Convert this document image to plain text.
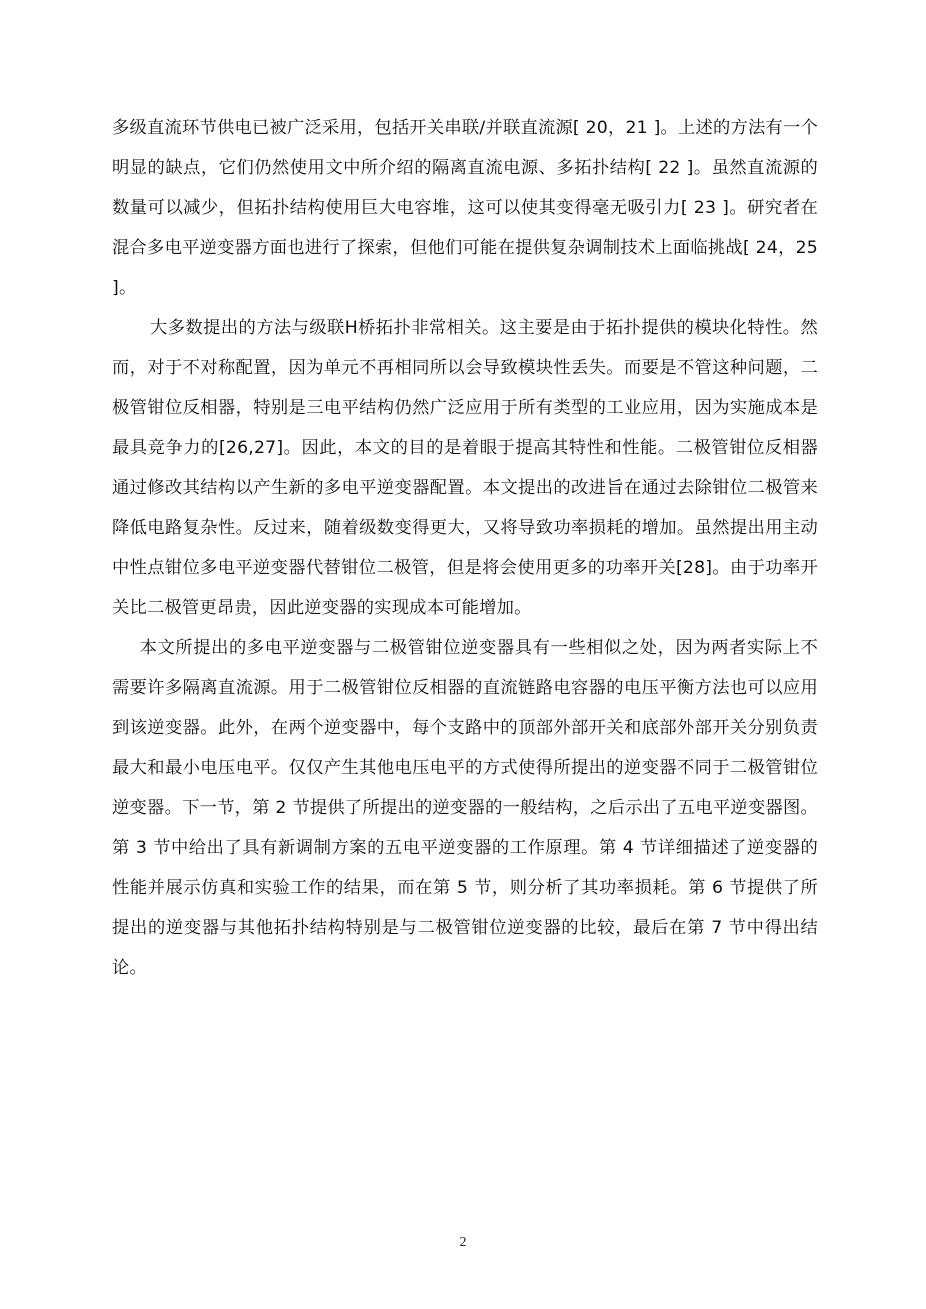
多级直流环节供电已被广泛采用，包括开关串联/并联直流源[ 20，21 ]。上述的方法有一个明显的缺点，它们仍然使用文中所介绍的隔离直流电源、多拓扑结构[ 22 ]。虽然直流源的数量可以减少，但拓扑结构使用巨大电容堆，这可以使其变得毫无吸引力[ 23 ]。研究者在混合多电平逆变器方面也进行了探索，但他们可能在提供复杂调制技术上面临挑战[ 24，25 ]。

大多数提出的方法与级联H桥拓扑非常相关。这主要是由于拓扑提供的模块化特性。然而，对于不对称配置，因为单元不再相同所以会导致模块性丢失。而要是不管这种问题，二极管钳位反相器，特别是三电平结构仍然广泛应用于所有类型的工业应用，因为实施成本是最具竞争力的[26,27]。因此，本文的目的是着眼于提高其特性和性能。二极管钳位反相器通过修改其结构以产生新的多电平逆变器配置。本文提出的改进旨在通过去除钳位二极管来降低电路复杂性。反过来，随着级数变得更大，又将导致功率损耗的增加。虽然提出用主动中性点钳位多电平逆变器代替钳位二极管，但是将会使用更多的功率开关[28]。由于功率开关比二极管更昂贵，因此逆变器的实现成本可能增加。

本文所提出的多电平逆变器与二极管钳位逆变器具有一些相似之处，因为两者实际上不需要许多隔离直流源。用于二极管钳位反相器的直流链路电容器的电压平衡方法也可以应用到该逆变器。此外，在两个逆变器中，每个支路中的顶部外部开关和底部外部开关分别负责最大和最小电压电平。仅仅产生其他电压电平的方式使得所提出的逆变器不同于二极管钳位逆变器。下一节，第 2 节提供了所提出的逆变器的一般结构，之后示出了五电平逆变器图。第 3 节中给出了具有新调制方案的五电平逆变器的工作原理。第 4 节详细描述了逆变器的性能并展示仿真和实验工作的结果，而在第 5 节，则分析了其功率损耗。第 6 节提供了所提出的逆变器与其他拓扑结构特别是与二极管钳位逆变器的比较，最后在第 7 节中得出结论。

2
